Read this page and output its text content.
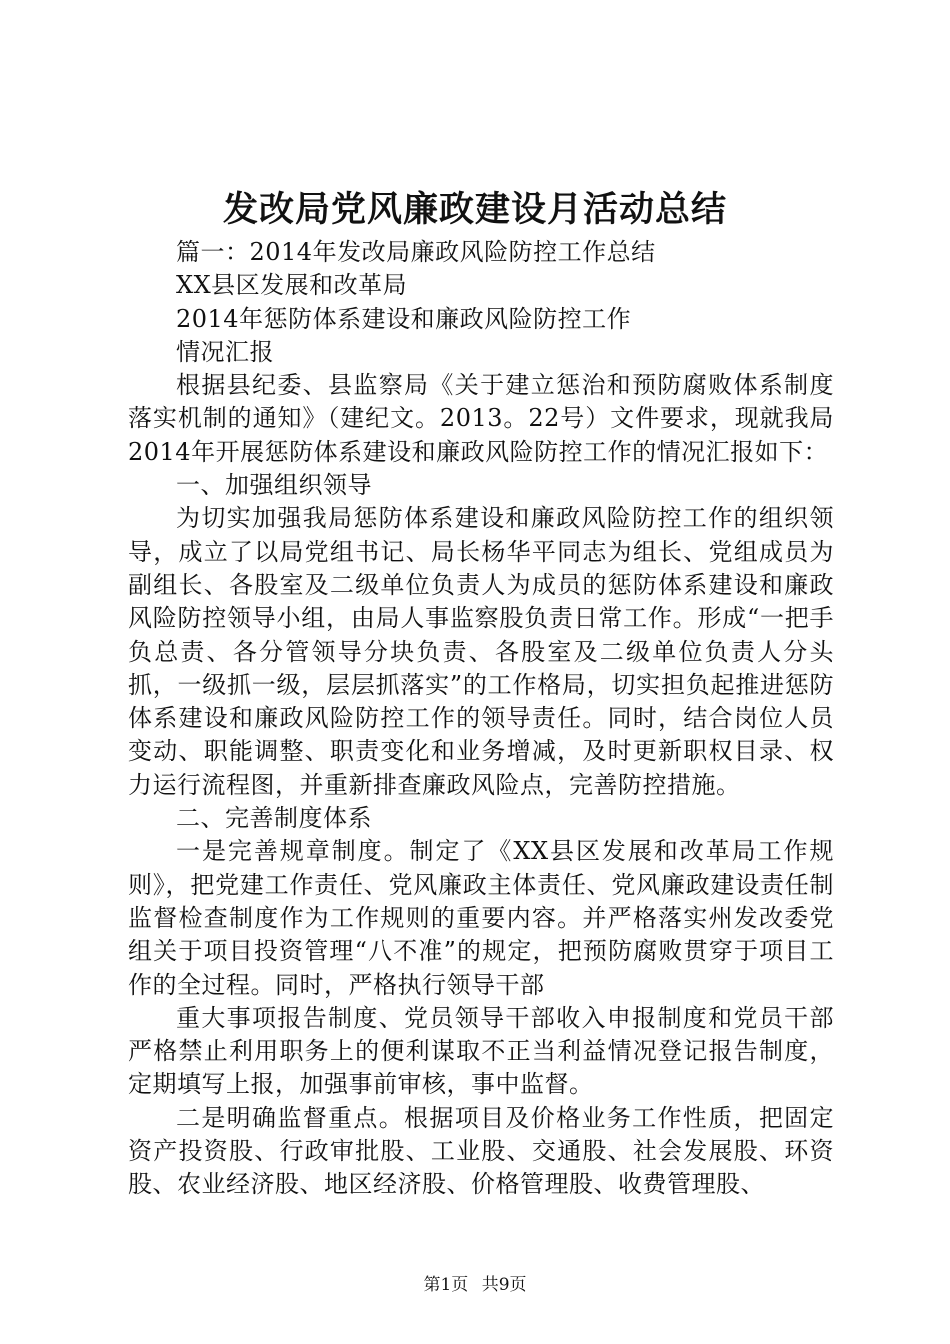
发改局党风廉政建设月活动总结

篇一：2014年发改局廉政风险防控工作总结

XX县区发展和改革局

2014年惩防体系建设和廉政风险防控工作

情况汇报

根据县纪委、县监察局《关于建立惩治和预防腐败体系制度落实机制的通知》（建纪文。2013。22号）文件要求，现就我局2014年开展惩防体系建设和廉政风险防控工作的情况汇报如下：

一、加强组织领导

为切实加强我局惩防体系建设和廉政风险防控工作的组织领导，成立了以局党组书记、局长杨华平同志为组长、党组成员为副组长、各股室及二级单位负责人为成员的惩防体系建设和廉政风险防控领导小组，由局人事监察股负责日常工作。形成“一把手负总责、各分管领导分块负责、各股室及二级单位负责人分头抓，一级抓一级，层层抓落实”的工作格局，切实担负起推进惩防体系建设和廉政风险防控工作的领导责任。同时，结合岗位人员变动、职能调整、职责变化和业务增减，及时更新职权目录、权力运行流程图，并重新排查廉政风险点，完善防控措施。

二、完善制度体系

一是完善规章制度。制定了《XX县区发展和改革局工作规则》，把党建工作责任、党风廉政主体责任、党风廉政建设责任制监督检查制度作为工作规则的重要内容。并严格落实州发改委党组关于项目投资管理“八不准”的规定，把预防腐败贯穿于项目工作的全过程。同时，严格执行领导干部

重大事项报告制度、党员领导干部收入申报制度和党员干部严格禁止利用职务上的便利谋取不正当利益情况登记报告制度，定期填写上报，加强事前审核，事中监督。

二是明确监督重点。根据项目及价格业务工作性质，把固定资产投资股、行政审批股、工业股、交通股、社会发展股、环资股、农业经济股、地区经济股、价格管理股、收费管理股、

第1页 共9页
